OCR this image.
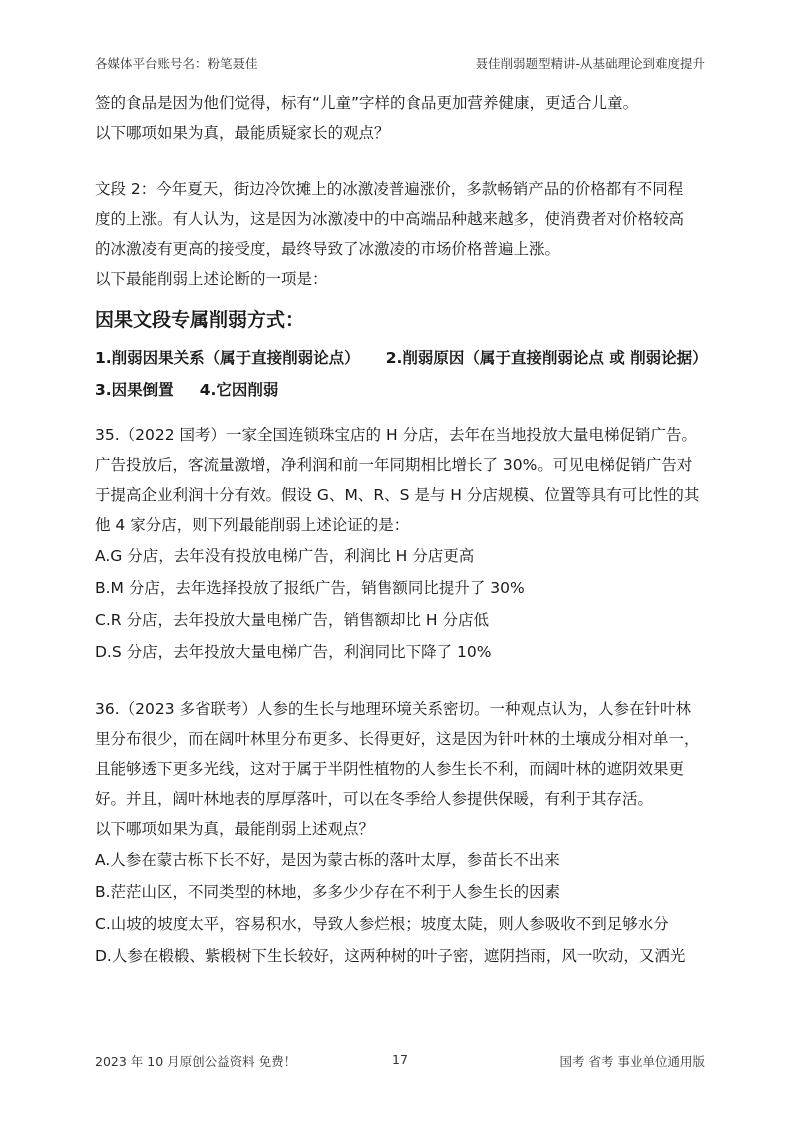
各媒体平台账号名：粉笔聂佳	聂佳削弱题型精讲-从基础理论到难度提升
签的食品是因为他们觉得，标有“儿童”字样的食品更加营养健康，更适合儿童。
以下哪项如果为真，最能质疑家长的观点？
文段 2：今年夏天，街边冷饮摊上的冰激凌普遍涨价，多款畅销产品的价格都有不同程
度的上涨。有人认为，这是因为冰激凌中的中高端品种越来越多，使消费者对价格较高
的冰激凌有更高的接受度，最终导致了冰激凌的市场价格普遍上涨。
以下最能削弱上述论断的一项是：
因果文段专属削弱方式：
1.削弱因果关系（属于直接削弱论点） 2.削弱原因（属于直接削弱论点 或 削弱论据）
3.因果倒置 4.它因削弱
35.（2022 国考）一家全国连锁珠宝店的 H 分店，去年在当地投放大量电梯促销广告。
广告投放后，客流量激增，净利润和前一年同期相比增长了 30%。可见电梯促销广告对
于提高企业利润十分有效。假设 G、M、R、S 是与 H 分店规模、位置等具有可比性的其
他 4 家分店，则下列最能削弱上述论证的是：
A.G 分店，去年没有投放电梯广告，利润比 H 分店更高
B.M 分店，去年选择投放了报纸广告，销售额同比提升了 30%
C.R 分店，去年投放大量电梯广告，销售额却比 H 分店低
D.S 分店，去年投放大量电梯广告，利润同比下降了 10%
36.（2023 多省联考）人参的生长与地理环境关系密切。一种观点认为，人参在针叶林
里分布很少，而在阔叶林里分布更多、长得更好，这是因为针叶林的土壤成分相对单一，
且能够透下更多光线，这对于属于半阴性植物的人参生长不利，而阔叶林的遮阴效果更
好。并且，阔叶林地表的厚厚落叶，可以在冬季给人参提供保暖，有利于其存活。
以下哪项如果为真，最能削弱上述观点？
A.人参在蒙古栎下长不好，是因为蒙古栎的落叶太厚，参苗长不出来
B.茫茫山区，不同类型的林地，多多少少存在不利于人参生长的因素
C.山坡的坡度太平，容易积水，导致人参烂根；坡度太陡，则人参吸收不到足够水分
D.人参在椴椴、紫椴树下生长较好，这两种树的叶子密，遮阴挡雨，风一吹动，又洒光
2023 年 10 月原创公益资料 免费！	17	国考 省考 事业单位通用版
